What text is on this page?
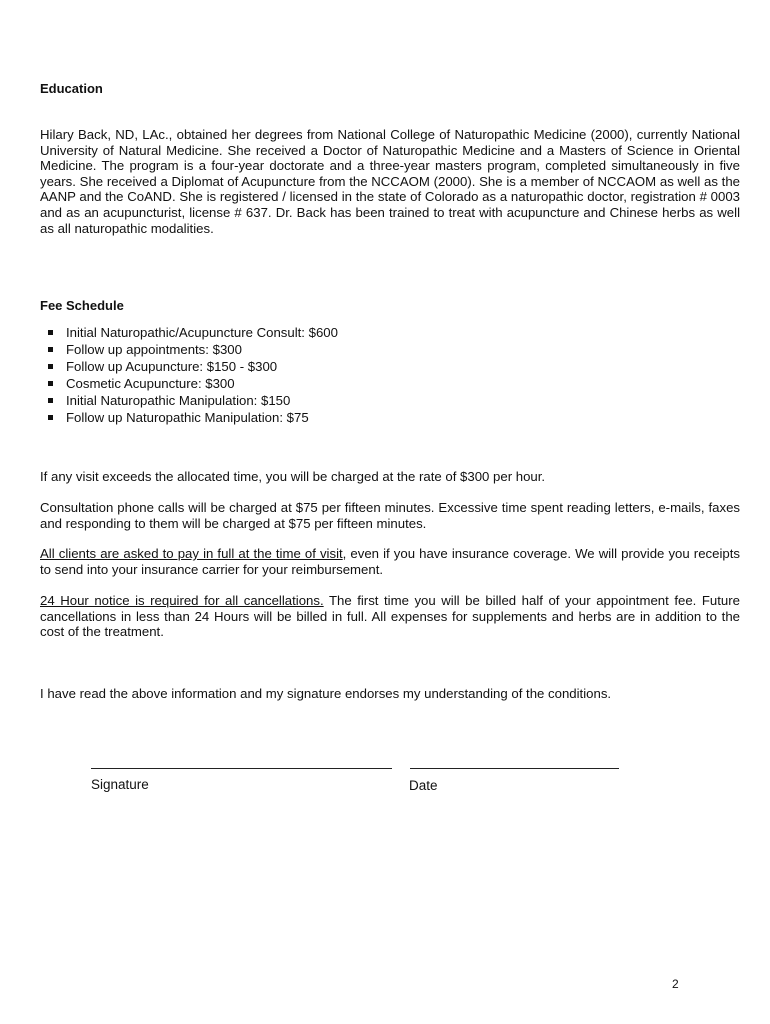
Education
Hilary Back, ND, LAc., obtained her degrees from National College of Naturopathic Medicine (2000), currently National University of Natural Medicine. She received a Doctor of Naturopathic Medicine and a Masters of Science in Oriental Medicine. The program is a four-year doctorate and a three-year masters program, completed simultaneously in five years. She received a Diplomat of Acupuncture from the NCCAOM (2000). She is a member of NCCAOM as well as the AANP and the CoAND. She is registered / licensed in the state of Colorado as a naturopathic doctor, registration # 0003 and as an acupuncturist, license # 637. Dr. Back has been trained to treat with acupuncture and Chinese herbs as well as all naturopathic modalities.
Fee Schedule
Initial Naturopathic/Acupuncture Consult: $600
Follow up appointments: $300
Follow up Acupuncture: $150 - $300
Cosmetic Acupuncture: $300
Initial Naturopathic Manipulation: $150
Follow up Naturopathic Manipulation: $75
If any visit exceeds the allocated time, you will be charged at the rate of $300 per hour.
Consultation phone calls will be charged at $75 per fifteen minutes. Excessive time spent reading letters, e-mails, faxes and responding to them will be charged at $75 per fifteen minutes.
All clients are asked to pay in full at the time of visit, even if you have insurance coverage. We will provide you receipts to send into your insurance carrier for your reimbursement.
24 Hour notice is required for all cancellations. The first time you will be billed half of your appointment fee. Future cancellations in less than 24 Hours will be billed in full. All expenses for supplements and herbs are in addition to the cost of the treatment.
I have read the above information and my signature endorses my understanding of the conditions.
Signature	Date
2
